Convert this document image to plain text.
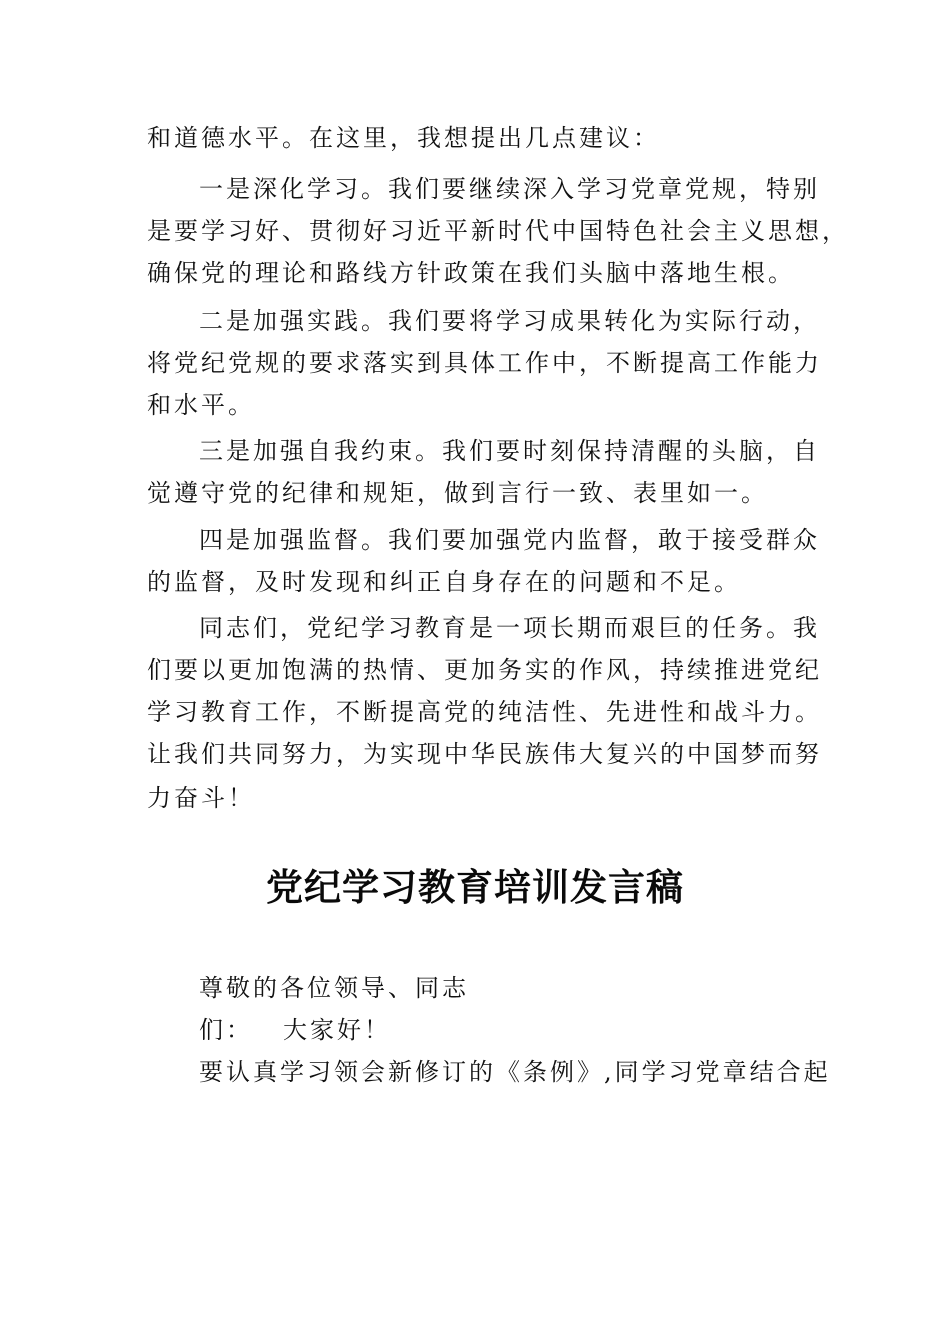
和道德水平。在这里，我想提出几点建议：
一是深化学习。我们要继续深入学习党章党规，特别
是要学习好、贯彻好习近平新时代中国特色社会主义思想，
确保党的理论和路线方针政策在我们头脑中落地生根。
二是加强实践。我们要将学习成果转化为实际行动，
将党纪党规的要求落实到具体工作中，不断提高工作能力
和水平。
三是加强自我约束。我们要时刻保持清醒的头脑，自
觉遵守党的纪律和规矩，做到言行一致、表里如一。
四是加强监督。我们要加强党内监督，敢于接受群众
的监督，及时发现和纠正自身存在的问题和不足。
同志们，党纪学习教育是一项长期而艰巨的任务。我
们要以更加饱满的热情、更加务实的作风，持续推进党纪
学习教育工作，不断提高党的纯洁性、先进性和战斗力。
让我们共同努力，为实现中华民族伟大复兴的中国梦而努
力奋斗！
党纪学习教育培训发言稿
尊敬的各位领导、同志
们： 大家好！
要认真学习领会新修订的《条例》,同学习党章结合起
